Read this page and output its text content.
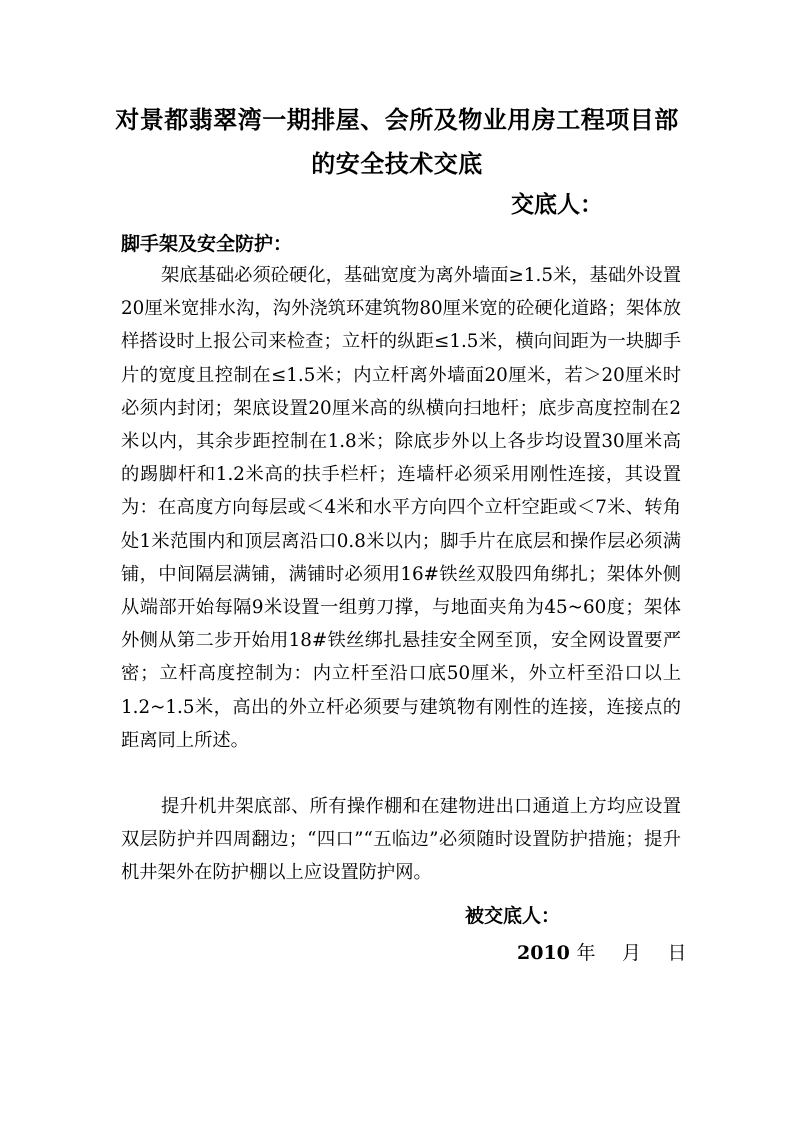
对景都翡翠湾一期排屋、会所及物业用房工程项目部
的安全技术交底
交底人：
脚手架及安全防护：

架底基础必须砼硬化，基础宽度为离外墙面≥1.5米，基础外设置20厘米宽排水沟，沟外浇筑环建筑物80厘米宽的砼硬化道路；架体放样搭设时上报公司来检查；立杆的纵距≤1.5米，横向间距为一块脚手片的宽度且控制在≤1.5米；内立杆离外墙面20厘米，若＞20厘米时必须内封闭；架底设置20厘米高的纵横向扫地杆；底步高度控制在2米以内，其余步距控制在1.8米；除底步外以上各步均设置30厘米高的踢脚杆和1.2米高的扶手栏杆；连墙杆必须采用刚性连接，其设置为：在高度方向每层或＜4米和水平方向四个立杆空距或＜7米、转角处1米范围内和顶层离沿口0.8米以内；脚手片在底层和操作层必须满铺，中间隔层满铺，满铺时必须用16#铁丝双股四角绑扎；架体外侧从端部开始每隔9米设置一组剪刀撑，与地面夹角为45~60度；架体外侧从第二步开始用18#铁丝绑扎悬挂安全网至顶，安全网设置要严密；立杆高度控制为：内立杆至沿口底50厘米，外立杆至沿口以上1.2~1.5米，高出的外立杆必须要与建筑物有刚性的连接，连接点的距离同上所述。

提升机井架底部、所有操作棚和在建物进出口通道上方均应设置双层防护并四周翻边；“四口”“五临边”必须随时设置防护措施；提升机井架外在防护棚以上应设置防护网。

被交底人：
2010 年 月 日
